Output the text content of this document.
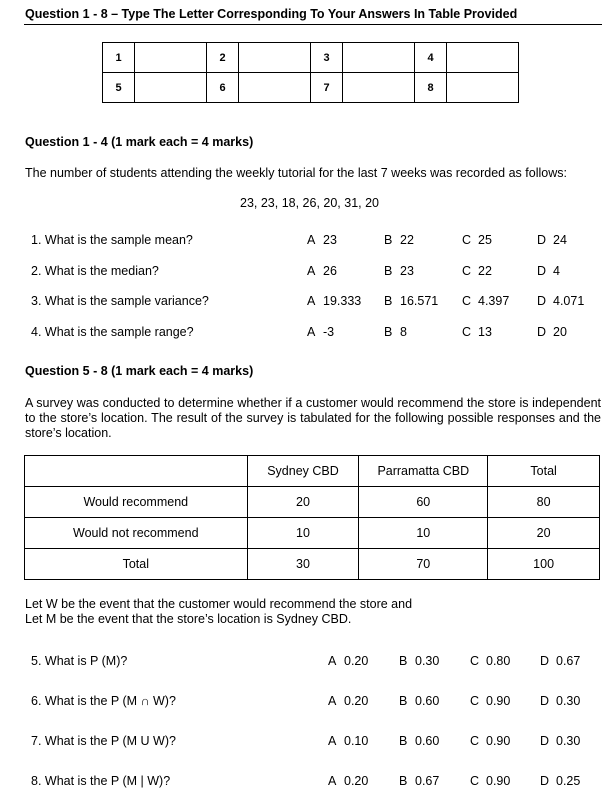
Question 1 - 8 – Type The Letter Corresponding To Your Answers In Table Provided
1		2		3		4	
5		6		7		8	
Question 1 - 4 (1 mark each = 4 marks)
The number of students attending the weekly tutorial for the last 7 weeks was recorded as follows:
23, 23, 18, 26, 20, 31, 20
1. What is the sample mean?	A 23	B 22	C 25	D 24
2. What is the median?	A 26	B 23	C 22	D 4
3. What is the sample variance?	A 19.333 B 16.571 C 4.397 D 4.071
4. What is the sample range?	A -3	B 8	C 13	D 20
Question 5 - 8 (1 mark each = 4 marks)
A survey was conducted to determine whether if a customer would recommend the store is independent to the store’s location. The result of the survey is tabulated for the following possible responses and the store’s location.
	Sydney CBD	Parramatta CBD	Total
Would recommend	20	60	80
Would not recommend	10	10	20
Total	30	70	100
Let W be the event that the customer would recommend the store and
Let M be the event that the store’s location is Sydney CBD.
5. What is P (M)?	A 0.20 B 0.30 C 0.80 D 0.67
6. What is the P (M ∩ W)?	A 0.20 B 0.60 C 0.90 D 0.30
7. What is the P (M U W)?	A 0.10 B 0.60 C 0.90 D 0.30
8. What is the P (M | W)?	A 0.20 B 0.67 C 0.90 D 0.25
